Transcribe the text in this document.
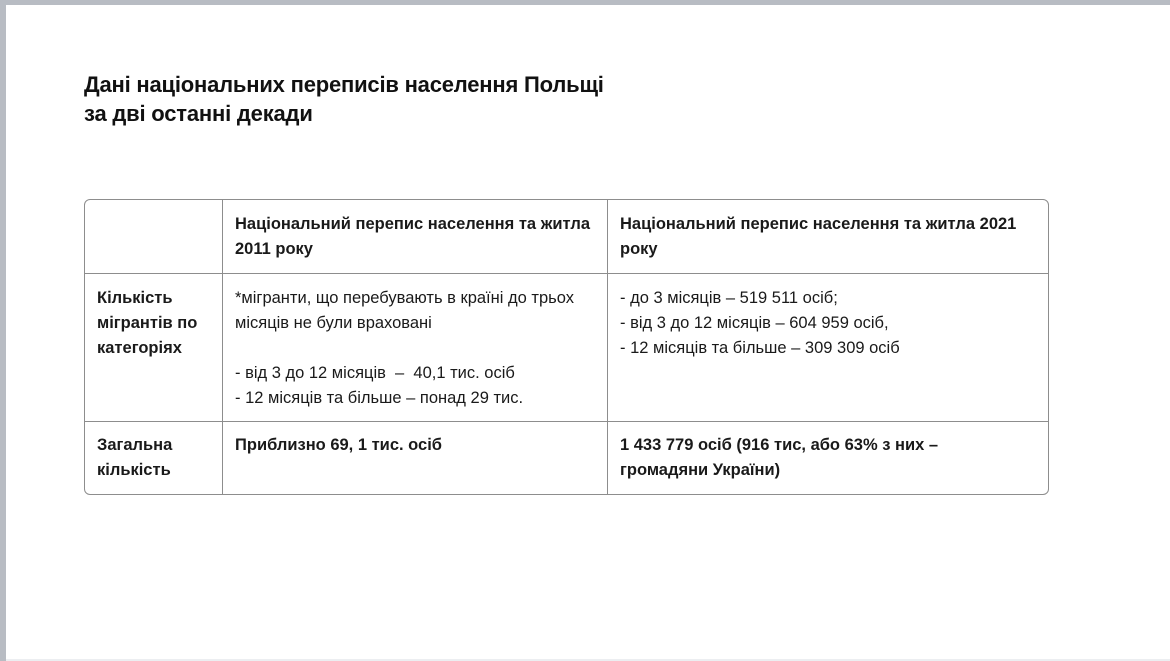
Дані національних переписів населення Польщі
за дві останні декади
Національний перепис населення та житла 2011 року
Національний перепис населення та житла 2021 року
Кількість мігрантів по категоріях
*мігранти, що перебувають в країні до трьох місяців не були враховані
- від 3 до 12 місяців  –  40,1 тис. осіб
- 12 місяців та більше – понад 29 тис.
- до 3 місяців – 519 511 осіб;
- від 3 до 12 місяців – 604 959 осіб,
- 12 місяців та більше – 309 309 осіб
Загальна кількість
Приблизно 69, 1 тис. осіб	1 433 779 осіб (916 тис, або 63% з них – громадяни України)
